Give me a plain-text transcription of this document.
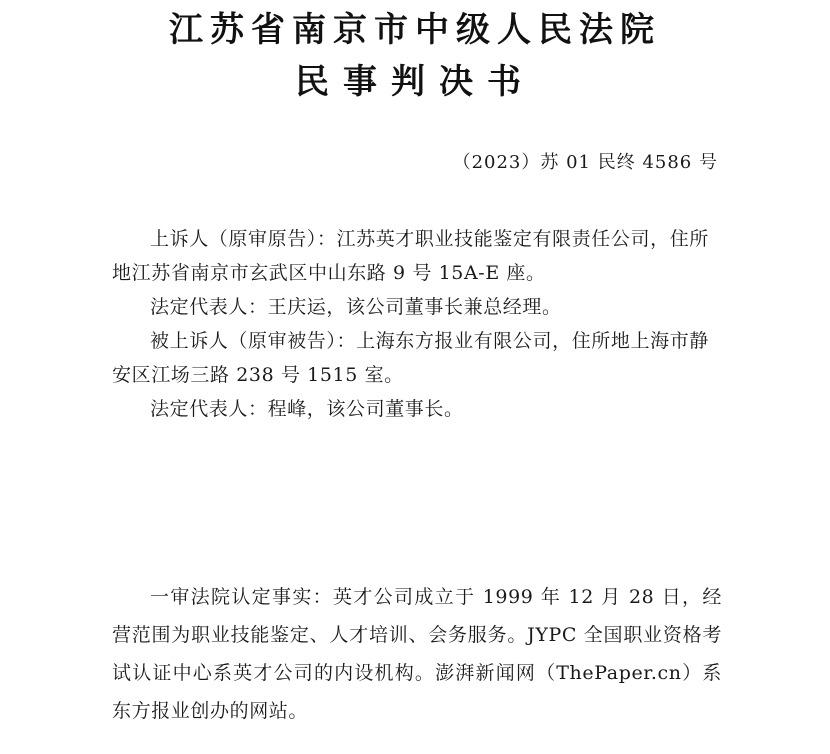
江苏省南京市中级人民法院
民事判决书
（2023）苏 01 民终 4586 号

上诉人（原审原告）：江苏英才职业技能鉴定有限责任公司，住所地江苏省南京市玄武区中山东路 9 号 15A-E 座。

法定代表人：王庆运，该公司董事长兼总经理。

被上诉人（原审被告）：上海东方报业有限公司，住所地上海市静安区江场三路 238 号 1515 室。

法定代表人：程峰，该公司董事长。

一审法院认定事实：英才公司成立于 1999 年 12 月 28 日，经营范围为职业技能鉴定、人才培训、会务服务。JYPC 全国职业资格考试认证中心系英才公司的内设机构。澎湃新闻网（ThePaper.cn）系东方报业创办的网站。
